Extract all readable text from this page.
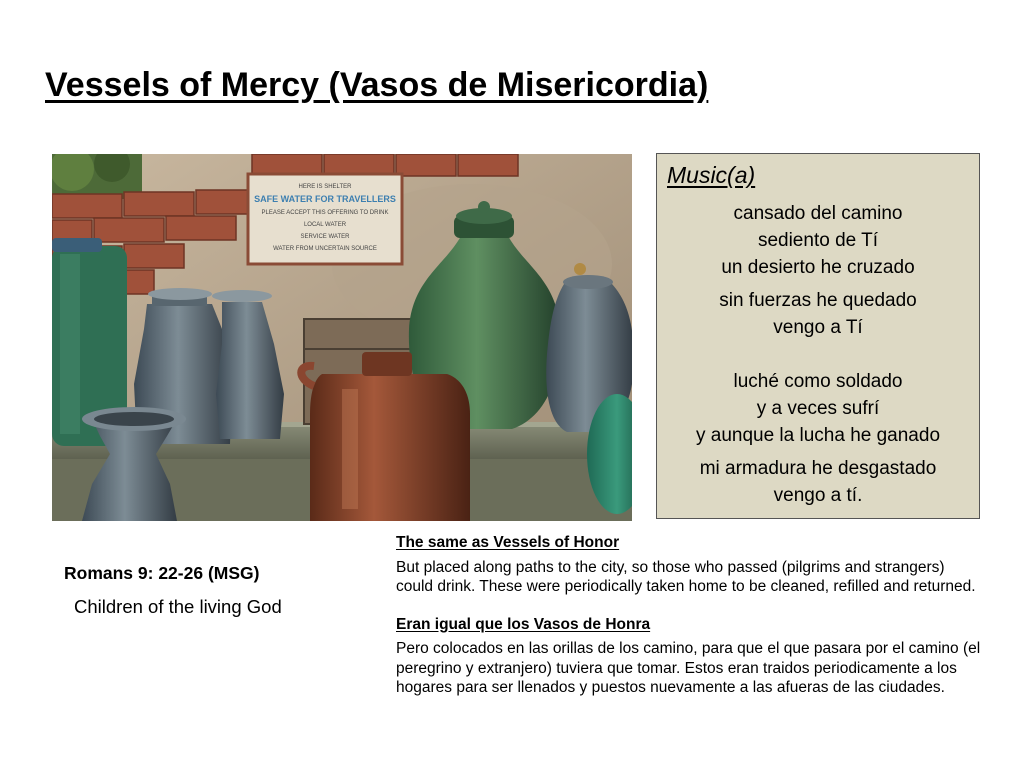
Vessels of Mercy (Vasos de Misericordia)
HERE IS SHELTER
SAFE WATER FOR TRAVELLERS
PLEASE ACCEPT THIS OFFERING TO DRINK
LOCAL WATER
SERVICE WATER
WATER FROM UNCERTAIN SOURCE
Music(a)

cansado del camino
sediento de Tí
un desierto he cruzado

sin fuerzas he quedado
vengo a Tí

luché como soldado
y a veces sufrí
y aunque la lucha he ganado

mi armadura he desgastado
vengo a tí.

Romans 9: 22-26 (MSG)
Children of the living God
The same as Vessels of Honor
But placed along paths to the city, so those who passed (pilgrims and strangers) could drink. These were periodically taken home to be cleaned, refilled and returned.
Eran igual que los Vasos de Honra
Pero colocados en las orillas de los camino, para que el que pasara por el camino (el peregrino y extranjero) tuviera que tomar. Estos eran traidos periodicamente a los hogares para ser llenados y puestos nuevamente a las afueras de las ciudades.
